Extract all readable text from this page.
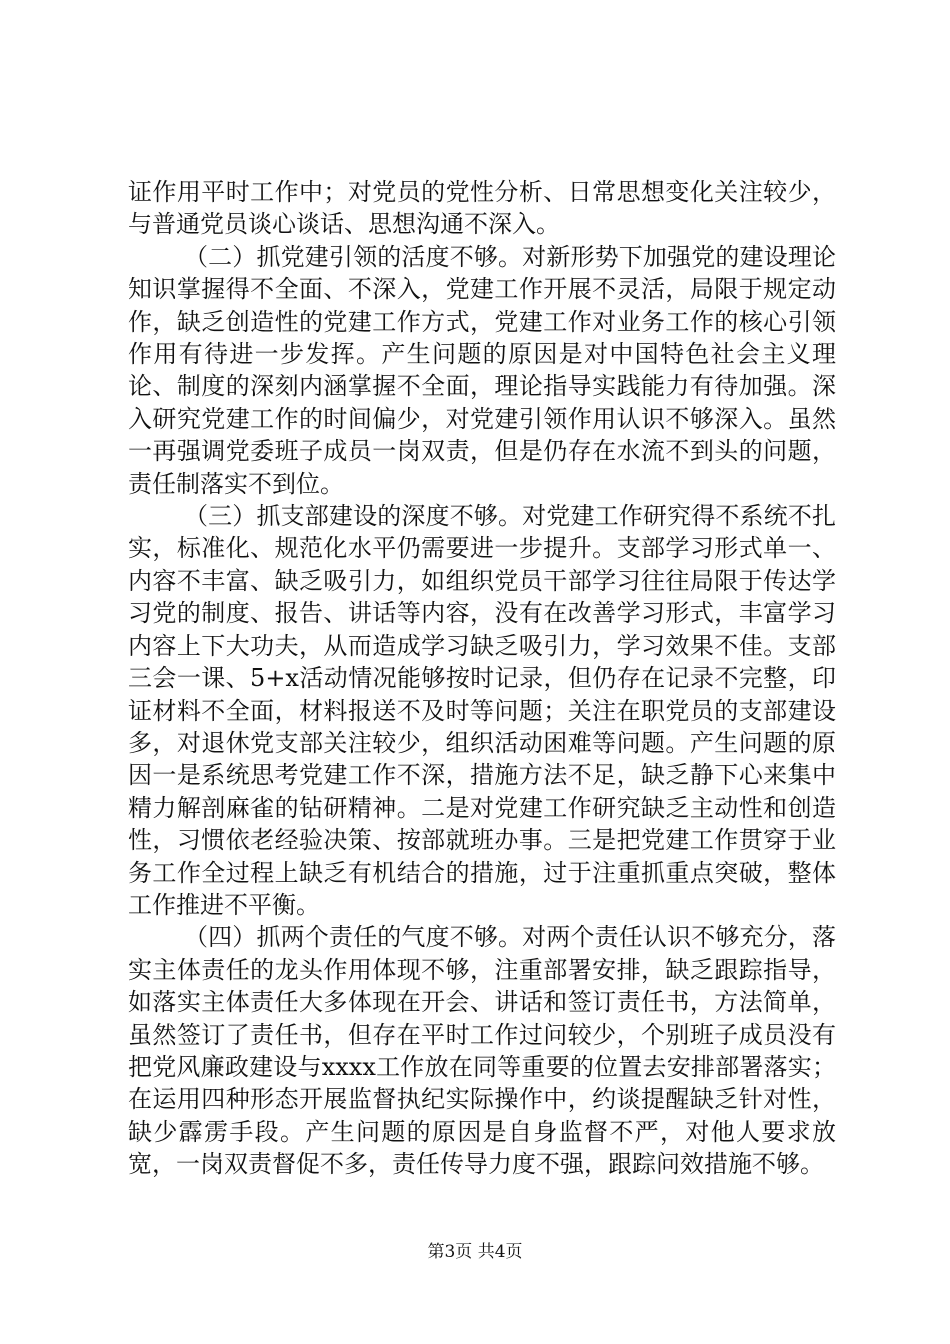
证作用平时工作中；对党员的党性分析、日常思想变化关注较少，与普通党员谈心谈话、思想沟通不深入。

（二）抓党建引领的活度不够。对新形势下加强党的建设理论知识掌握得不全面、不深入，党建工作开展不灵活，局限于规定动作，缺乏创造性的党建工作方式，党建工作对业务工作的核心引领作用有待进一步发挥。产生问题的原因是对中国特色社会主义理论、制度的深刻内涵掌握不全面，理论指导实践能力有待加强。深入研究党建工作的时间偏少，对党建引领作用认识不够深入。虽然一再强调党委班子成员一岗双责，但是仍存在水流不到头的问题，责任制落实不到位。

（三）抓支部建设的深度不够。对党建工作研究得不系统不扎实，标准化、规范化水平仍需要进一步提升。支部学习形式单一、内容不丰富、缺乏吸引力，如组织党员干部学习往往局限于传达学习党的制度、报告、讲话等内容，没有在改善学习形式，丰富学习内容上下大功夫，从而造成学习缺乏吸引力，学习效果不佳。支部三会一课、5+x活动情况能够按时记录，但仍存在记录不完整，印证材料不全面，材料报送不及时等问题；关注在职党员的支部建设多，对退休党支部关注较少，组织活动困难等问题。产生问题的原因一是系统思考党建工作不深，措施方法不足，缺乏静下心来集中精力解剖麻雀的钻研精神。二是对党建工作研究缺乏主动性和创造性，习惯依老经验决策、按部就班办事。三是把党建工作贯穿于业务工作全过程上缺乏有机结合的措施，过于注重抓重点突破，整体工作推进不平衡。

（四）抓两个责任的气度不够。对两个责任认识不够充分，落实主体责任的龙头作用体现不够，注重部署安排，缺乏跟踪指导，如落实主体责任大多体现在开会、讲话和签订责任书，方法简单，虽然签订了责任书，但存在平时工作过问较少，个别班子成员没有把党风廉政建设与xxxx工作放在同等重要的位置去安排部署落实；在运用四种形态开展监督执纪实际操作中，约谈提醒缺乏针对性，缺少霹雳手段。产生问题的原因是自身监督不严，对他人要求放宽，一岗双责督促不多，责任传导力度不强，跟踪问效措施不够。

第3页 共4页
